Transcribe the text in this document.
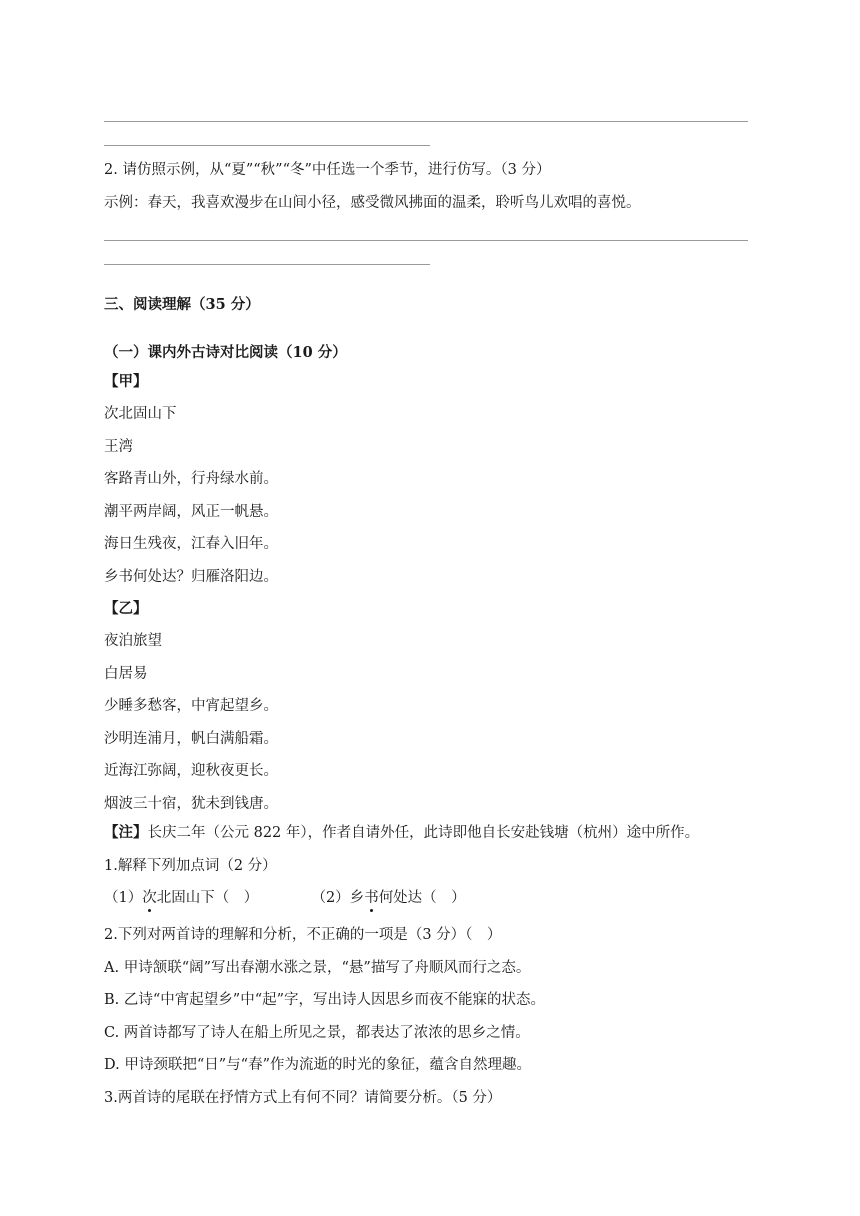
2. 请仿照示例，从“夏”“秋”“冬”中任选一个季节，进行仿写。（3 分）
示例：春天，我喜欢漫步在山间小径，感受微风拂面的温柔，聆听鸟儿欢唱的喜悦。
三、阅读理解（35 分）
（一）课内外古诗对比阅读（10 分）
【甲】
次北固山下
王湾
客路青山外，行舟绿水前。
潮平两岸阔，风正一帆悬。
海日生残夜，江春入旧年。
乡书何处达？归雁洛阳边。
【乙】
夜泊旅望
白居易
少睡多愁客，中宵起望乡。
沙明连浦月，帆白满船霜。
近海江弥阔，迎秋夜更长。
烟波三十宿，犹未到钱唐。
【注】长庆二年（公元 822 年），作者自请外任，此诗即他自长安赴钱塘（杭州）途中所作。
1.解释下列加点词（2 分）
（1）次北固山下（　）	（2）乡书何处达（　）
2.下列对两首诗的理解和分析，不正确的一项是（3 分）（　）
A. 甲诗颔联“阔”写出春潮水涨之景，“悬”描写了舟顺风而行之态。
B. 乙诗“中宵起望乡”中“起”字，写出诗人因思乡而夜不能寐的状态。
C. 两首诗都写了诗人在船上所见之景，都表达了浓浓的思乡之情。
D. 甲诗颈联把“日”与“春”作为流逝的时光的象征，蕴含自然理趣。
3.两首诗的尾联在抒情方式上有何不同？请简要分析。（5 分）
